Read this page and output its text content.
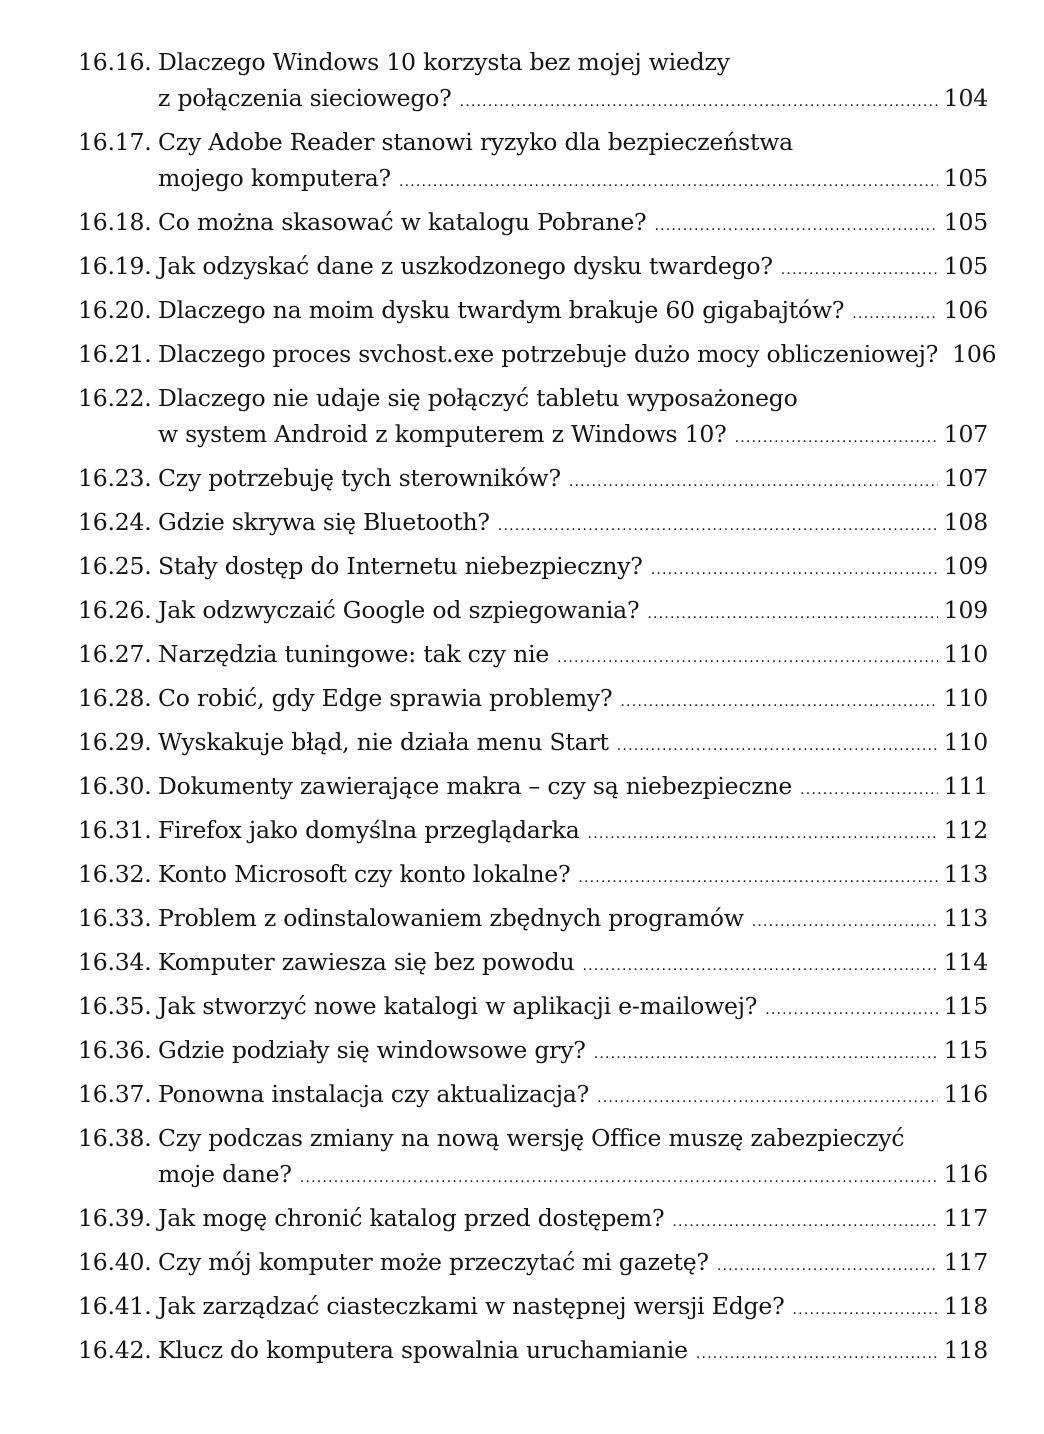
16.16. Dlaczego Windows 10 korzysta bez mojej wiedzy
z połączenia sieciowego? .....	104
16.17. Czy Adobe Reader stanowi ryzyko dla bezpieczeństwa
mojego komputera? .....	105
16.18. Co można skasować w katalogu Pobrane? .....	105
16.19. Jak odzyskać dane z uszkodzonego dysku twardego? .....	105
16.20. Dlaczego na moim dysku twardym brakuje 60 gigabajtów? .....	106
16.21. Dlaczego proces svchost.exe potrzebuje dużo mocy obliczeniowej? 106
16.22. Dlaczego nie udaje się połączyć tabletu wyposażonego
w system Android z komputerem z Windows 10? .....	107
16.23. Czy potrzebuję tych sterowników? .....	107
16.24. Gdzie skrywa się Bluetooth? .....	108
16.25. Stały dostęp do Internetu niebezpieczny? .....	109
16.26. Jak odzwyczaić Google od szpiegowania? .....	109
16.27. Narzędzia tuningowe: tak czy nie .....	110
16.28. Co robić, gdy Edge sprawia problemy? .....	110
16.29. Wyskakuje błąd, nie działa menu Start .....	110
16.30. Dokumenty zawierające makra – czy są niebezpieczne .....	111
16.31. Firefox jako domyślna przeglądarka .....	112
16.32. Konto Microsoft czy konto lokalne? .....	113
16.33. Problem z odinstalowaniem zbędnych programów .....	113
16.34. Komputer zawiesza się bez powodu .....	114
16.35. Jak stworzyć nowe katalogi w aplikacji e-mailowej? .....	115
16.36. Gdzie podziały się windowsowe gry? .....	115
16.37. Ponowna instalacja czy aktualizacja? .....	116
16.38. Czy podczas zmiany na nową wersję Office muszę zabezpieczyć
moje dane? .....	116
16.39. Jak mogę chronić katalog przed dostępem? .....	117
16.40. Czy mój komputer może przeczytać mi gazetę? .....	117
16.41. Jak zarządzać ciasteczkami w następnej wersji Edge? .....	118
16.42. Klucz do komputera spowalnia uruchamianie .....	118
